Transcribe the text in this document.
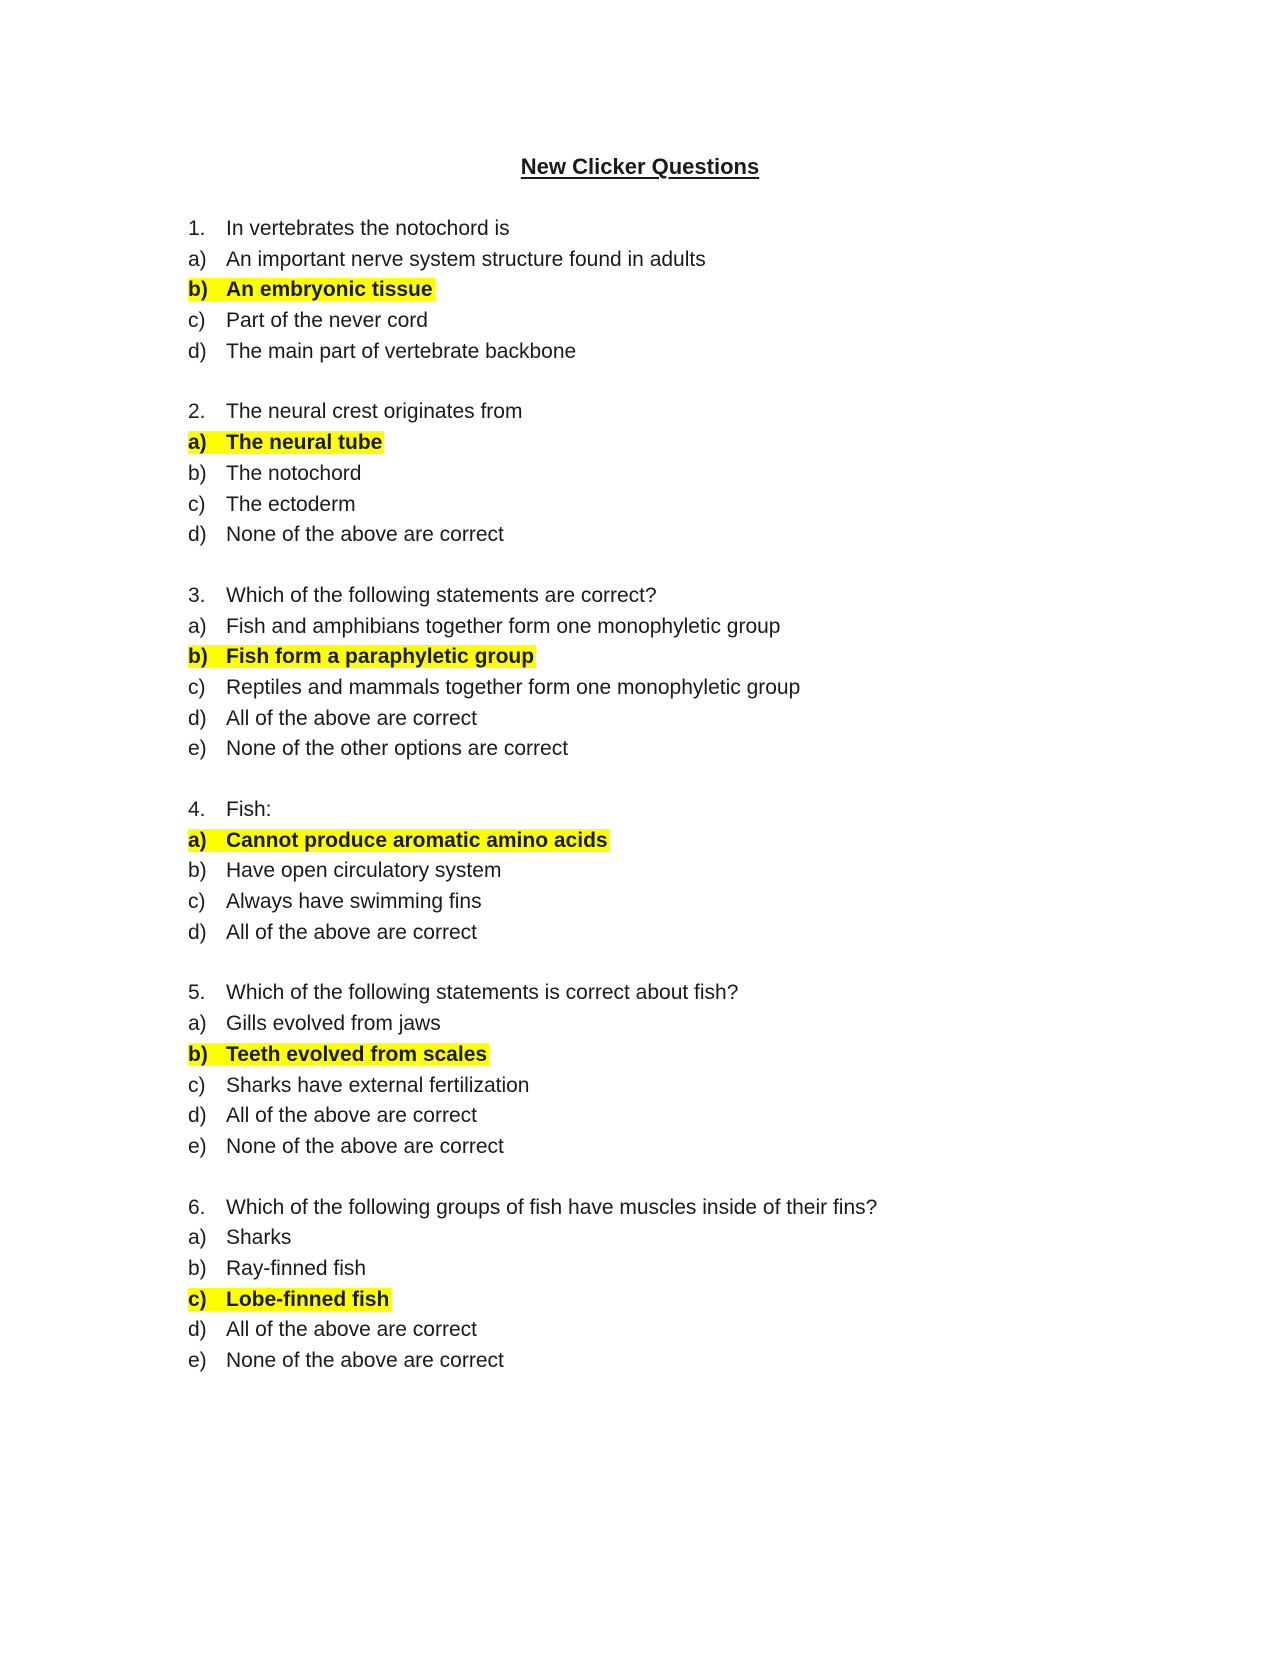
New Clicker Questions
1. In vertebrates the notochord is
a) An important nerve system structure found in adults
b) An embryonic tissue
c) Part of the never cord
d) The main part of vertebrate backbone
2. The neural crest originates from
a) The neural tube
b) The notochord
c) The ectoderm
d) None of the above are correct
3. Which of the following statements are correct?
a) Fish and amphibians together form one monophyletic group
b) Fish form a paraphyletic group
c) Reptiles and mammals together form one monophyletic group
d) All of the above are correct
e) None of the other options are correct
4. Fish:
a) Cannot produce aromatic amino acids
b) Have open circulatory system
c) Always have swimming fins
d) All of the above are correct
5. Which of the following statements is correct about fish?
a) Gills evolved from jaws
b) Teeth evolved from scales
c) Sharks have external fertilization
d) All of the above are correct
e) None of the above are correct
6. Which of the following groups of fish have muscles inside of their fins?
a) Sharks
b) Ray-finned fish
c) Lobe-finned fish
d) All of the above are correct
e) None of the above are correct
